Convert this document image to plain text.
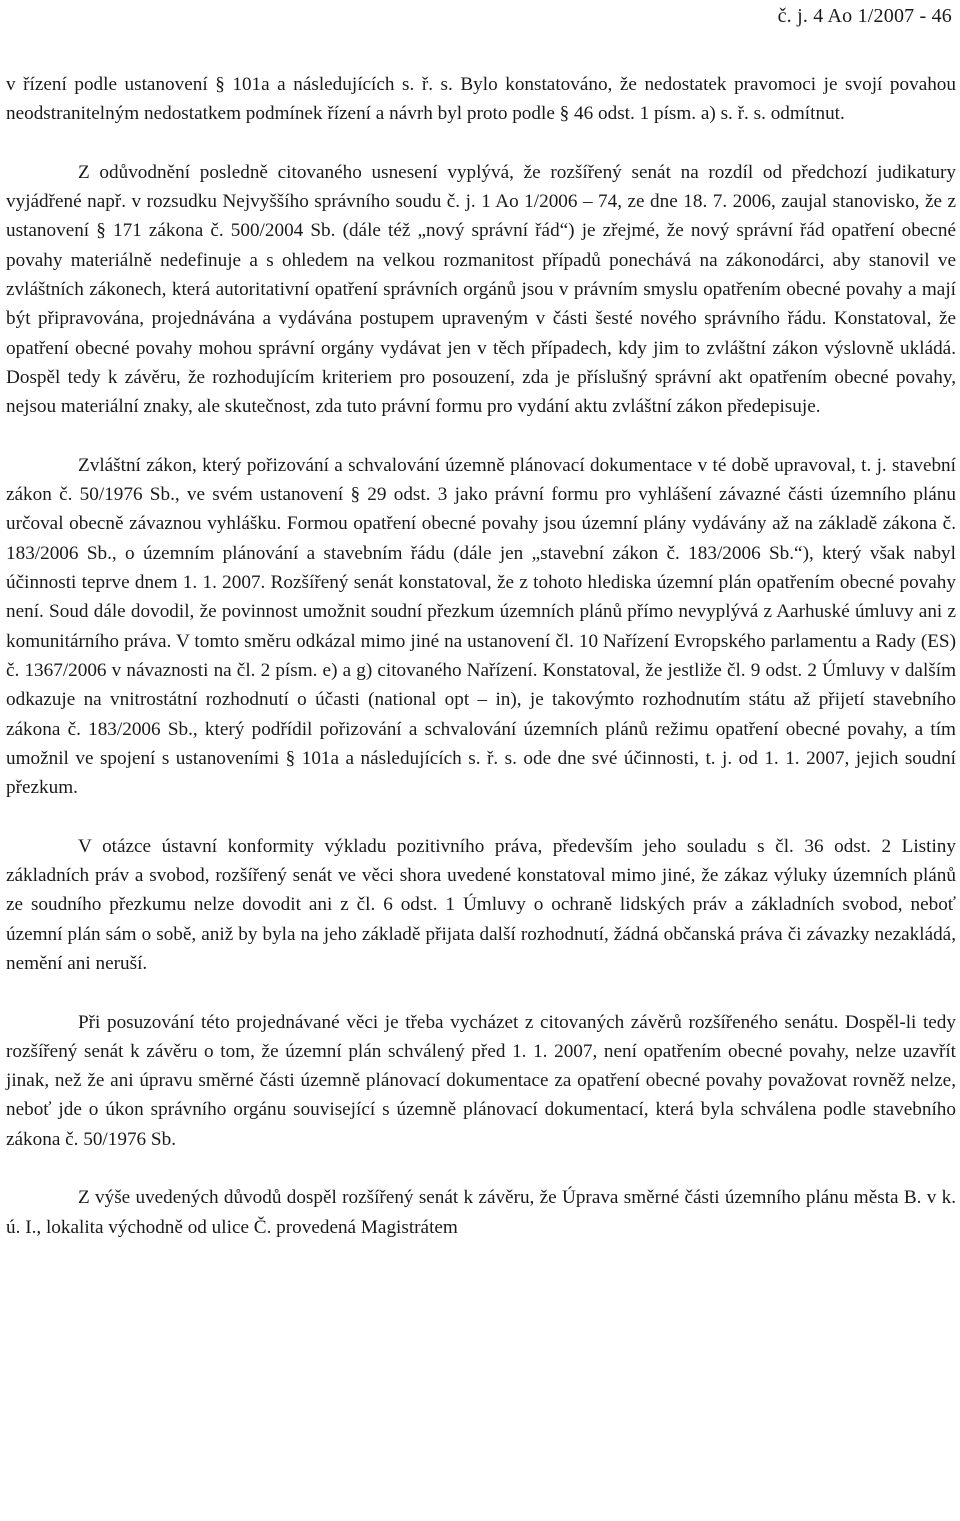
č. j. 4 Ao 1/2007 - 46

v řízení podle ustanovení § 101a a následujících s. ř. s. Bylo konstatováno, že nedostatek pravomoci je svojí povahou neodstranitelným nedostatkem podmínek řízení a návrh byl proto podle § 46 odst. 1 písm. a) s. ř. s. odmítnut.

Z odůvodnění posledně citovaného usnesení vyplývá, že rozšířený senát na rozdíl od předchozí judikatury vyjádřené např. v rozsudku Nejvyššího správního soudu č. j. 1 Ao 1/2006 – 74, ze dne 18. 7. 2006, zaujal stanovisko, že z ustanovení § 171 zákona č. 500/2004 Sb. (dále též „nový správní řád“) je zřejmé, že nový správní řád opatření obecné povahy materiálně nedefinuje a s ohledem na velkou rozmanitost případů ponechává na zákonodárci, aby stanovil ve zvláštních zákonech, která autoritativní opatření správních orgánů jsou v právním smyslu opatřením obecné povahy a mají být připravována, projednávána a vydávána postupem upraveným v části šesté nového správního řádu. Konstatoval, že opatření obecné povahy mohou správní orgány vydávat jen v těch případech, kdy jim to zvláštní zákon výslovně ukládá. Dospěl tedy k závěru, že rozhodujícím kriteriem pro posouzení, zda je příslušný správní akt opatřením obecné povahy, nejsou materiální znaky, ale skutečnost, zda tuto právní formu pro vydání aktu zvláštní zákon předepisuje.

Zvláštní zákon, který pořizování a schvalování územně plánovací dokumentace v té době upravoval, t. j. stavební zákon č. 50/1976 Sb., ve svém ustanovení § 29 odst. 3 jako právní formu pro vyhlášení závazné části územního plánu určoval obecně závaznou vyhlášku. Formou opatření obecné povahy jsou územní plány vydávány až na základě zákona č. 183/2006 Sb., o územním plánování a stavebním řádu (dále jen „stavební zákon č. 183/2006 Sb.“), který však nabyl účinnosti teprve dnem 1. 1. 2007. Rozšířený senát konstatoval, že z tohoto hlediska územní plán opatřením obecné povahy není. Soud dále dovodil, že povinnost umožnit soudní přezkum územních plánů přímo nevyplývá z Aarhuské úmluvy ani z komunitárního práva. V tomto směru odkázal mimo jiné na ustanovení čl. 10 Nařízení Evropského parlamentu a Rady (ES) č. 1367/2006 v návaznosti na čl. 2 písm. e) a g) citovaného Nařízení. Konstatoval, že jestliže čl. 9 odst. 2 Úmluvy v dalším odkazuje na vnitrostátní rozhodnutí o účasti (national opt – in), je takovýmto rozhodnutím státu až přijetí stavebního zákona č. 183/2006 Sb., který podřídil pořizování a schvalování územních plánů režimu opatření obecné povahy, a tím umožnil ve spojení s ustanoveními § 101a a následujících s. ř. s. ode dne své účinnosti, t. j. od 1. 1. 2007, jejich soudní přezkum.

V otázce ústavní konformity výkladu pozitivního práva, především jeho souladu s čl. 36 odst. 2 Listiny základních práv a svobod, rozšířený senát ve věci shora uvedené konstatoval mimo jiné, že zákaz výluky územních plánů ze soudního přezkumu nelze dovodit ani z čl. 6 odst. 1 Úmluvy o ochraně lidských práv a základních svobod, neboť územní plán sám o sobě, aniž by byla na jeho základě přijata další rozhodnutí, žádná občanská práva či závazky nezakládá, nemění ani neruší.

Při posuzování této projednávané věci je třeba vycházet z citovaných závěrů rozšířeného senátu. Dospěl-li tedy rozšířený senát k závěru o tom, že územní plán schválený před 1. 1. 2007, není opatřením obecné povahy, nelze uzavřít jinak, než že ani úpravu směrné části územně plánovací dokumentace za opatření obecné povahy považovat rovněž nelze, neboť jde o úkon správního orgánu související s územně plánovací dokumentací, která byla schválena podle stavebního zákona č. 50/1976 Sb.

Z výše uvedených důvodů dospěl rozšířený senát k závěru, že Úprava směrné části územního plánu města B. v k. ú. I., lokalita východně od ulice Č. provedená Magistrátem
